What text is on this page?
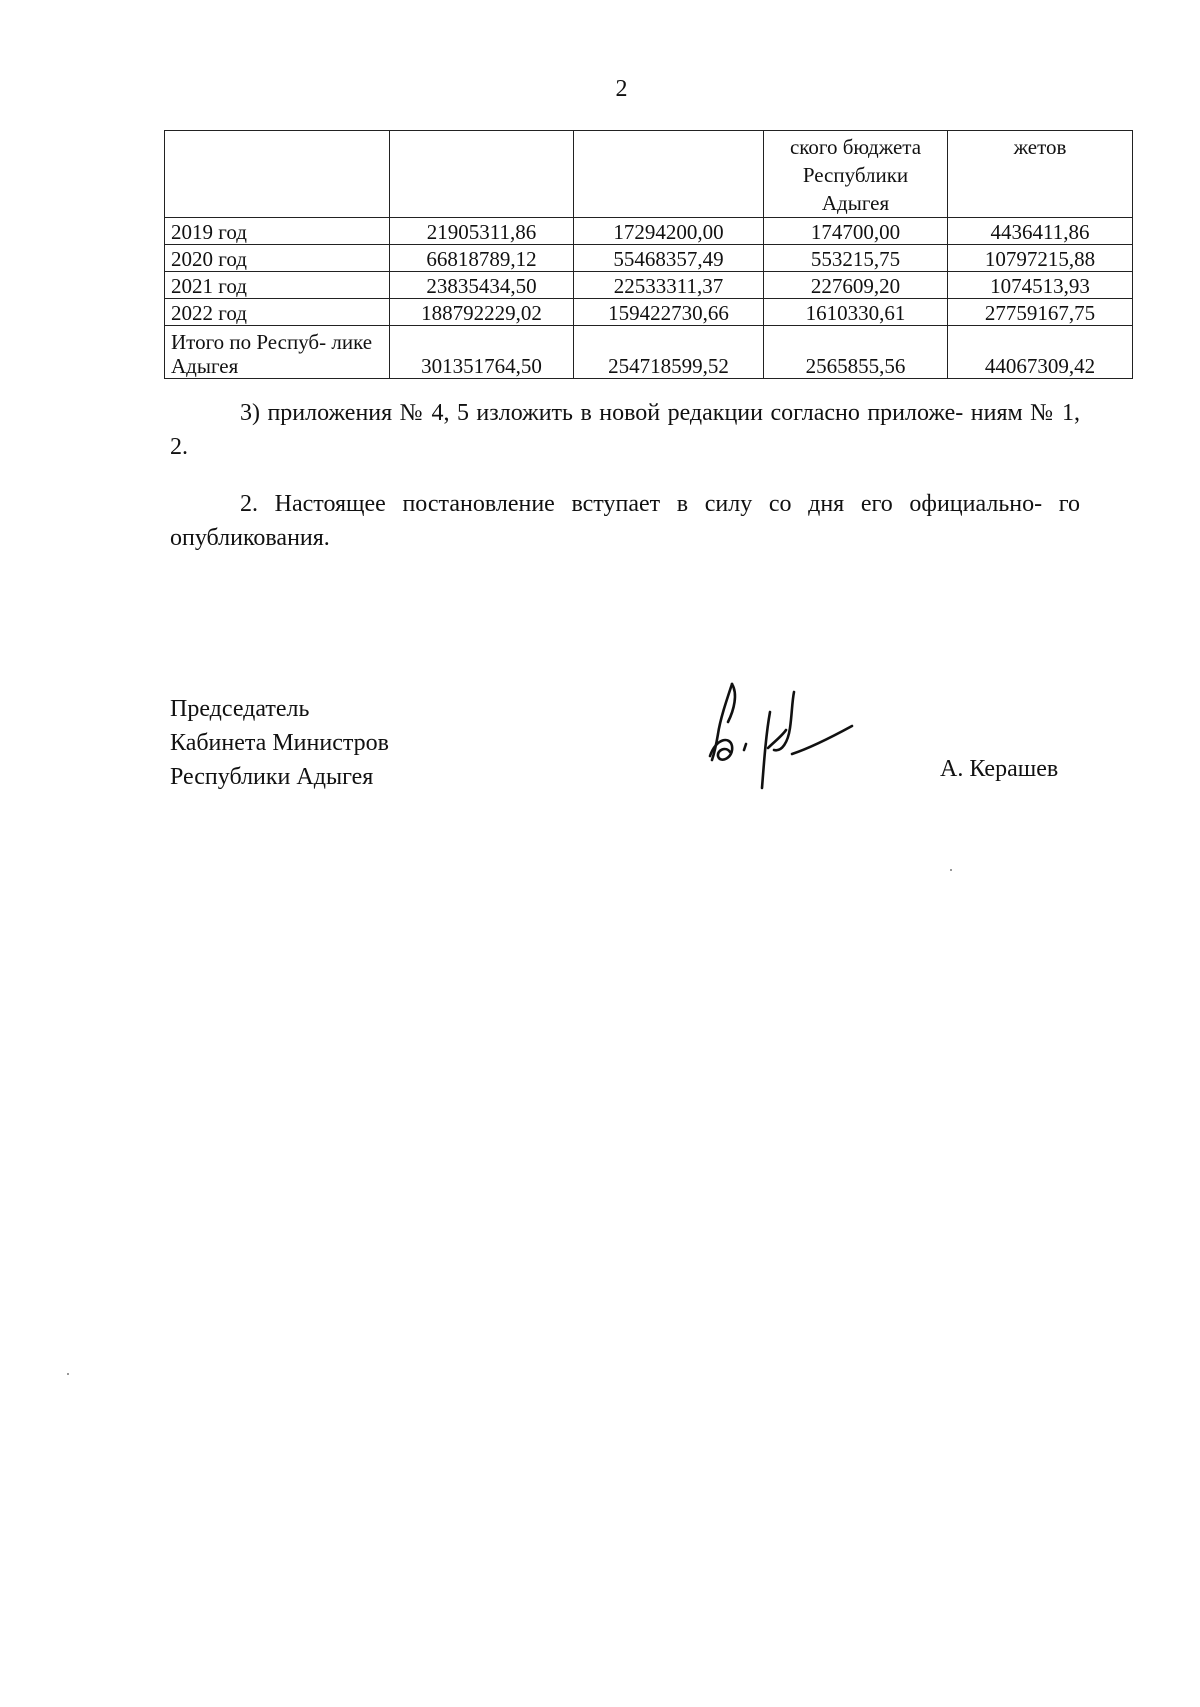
2
			ского бюджета Республики Адыгея	жетов
2019 год	21905311,86	17294200,00	174700,00	4436411,86
2020 год	66818789,12	55468357,49	553215,75	10797215,88
2021 год	23835434,50	22533311,37	227609,20	1074513,93
2022 год	188792229,02	159422730,66	1610330,61	27759167,75
Итого по Респуб- лике Адыгея	301351764,50	254718599,52	2565855,56	44067309,42
3) приложения № 4, 5 изложить в новой редакции согласно приложе- ниям № 1, 2.
2. Настоящее постановление вступает в силу со дня его официально- го опубликования.
Председатель
Кабинета Министров
Республики Адыгея	А. Керашев
